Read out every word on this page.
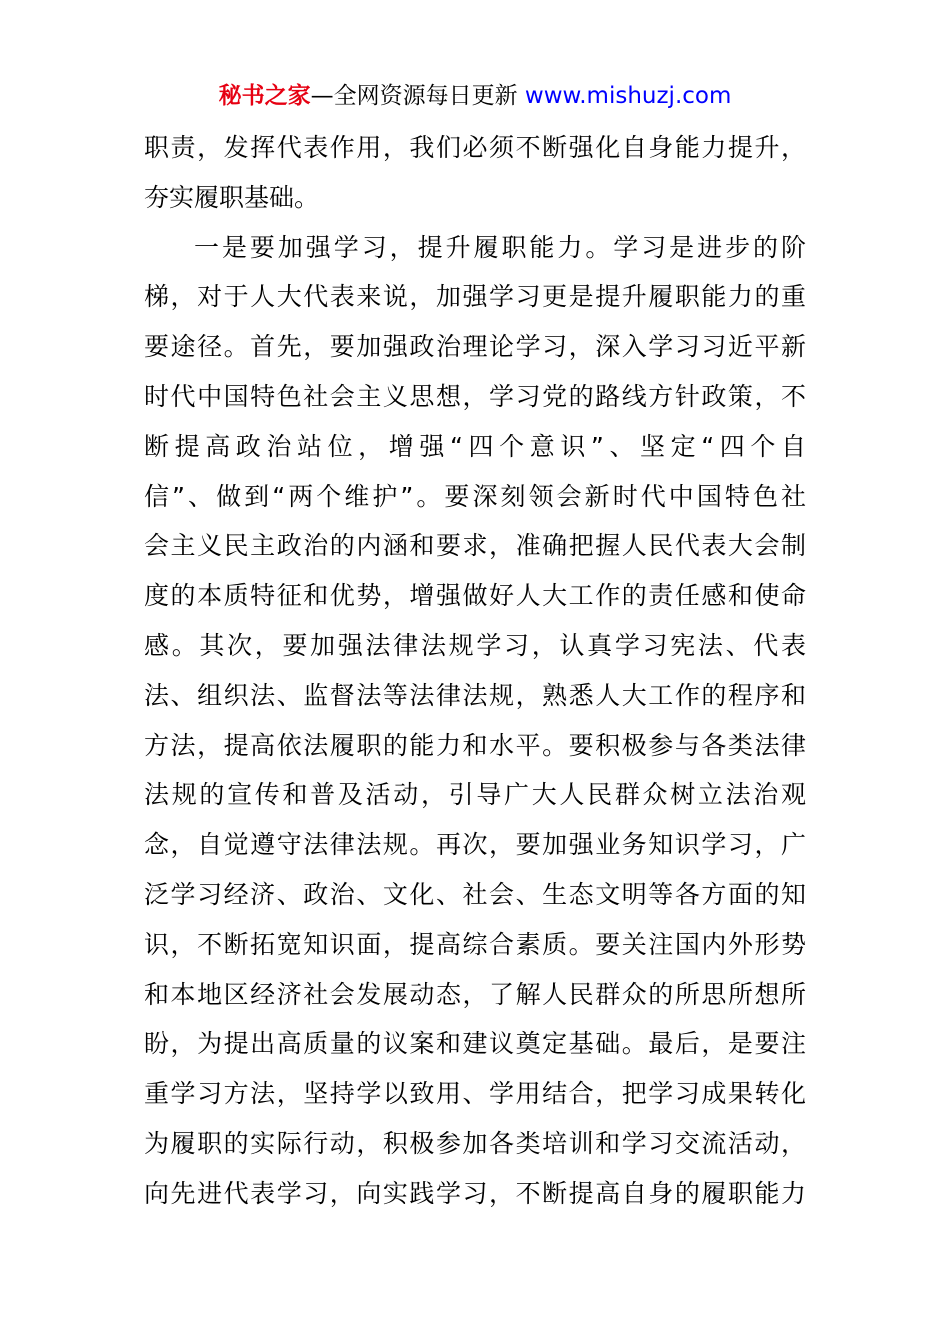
秘书之家—全网资源每日更新 www.mishuzj.com
职责，发挥代表作用，我们必须不断强化自身能力提升，
夯实履职基础。
一是要加强学习，提升履职能力。学习是进步的阶
梯，对于人大代表来说，加强学习更是提升履职能力的重
要途径。首先，要加强政治理论学习，深入学习习近平新
时代中国特色社会主义思想，学习党的路线方针政策，不
断提高政治站位，增强“四个意识”、坚定“四个自
信”、做到“两个维护”。要深刻领会新时代中国特色社
会主义民主政治的内涵和要求，准确把握人民代表大会制
度的本质特征和优势，增强做好人大工作的责任感和使命
感。其次，要加强法律法规学习，认真学习宪法、代表
法、组织法、监督法等法律法规，熟悉人大工作的程序和
方法，提高依法履职的能力和水平。要积极参与各类法律
法规的宣传和普及活动，引导广大人民群众树立法治观
念，自觉遵守法律法规。再次，要加强业务知识学习，广
泛学习经济、政治、文化、社会、生态文明等各方面的知
识，不断拓宽知识面，提高综合素质。要关注国内外形势
和本地区经济社会发展动态，了解人民群众的所思所想所
盼，为提出高质量的议案和建议奠定基础。最后，是要注
重学习方法，坚持学以致用、学用结合，把学习成果转化
为履职的实际行动，积极参加各类培训和学习交流活动，
向先进代表学习，向实践学习，不断提高自身的履职能力
